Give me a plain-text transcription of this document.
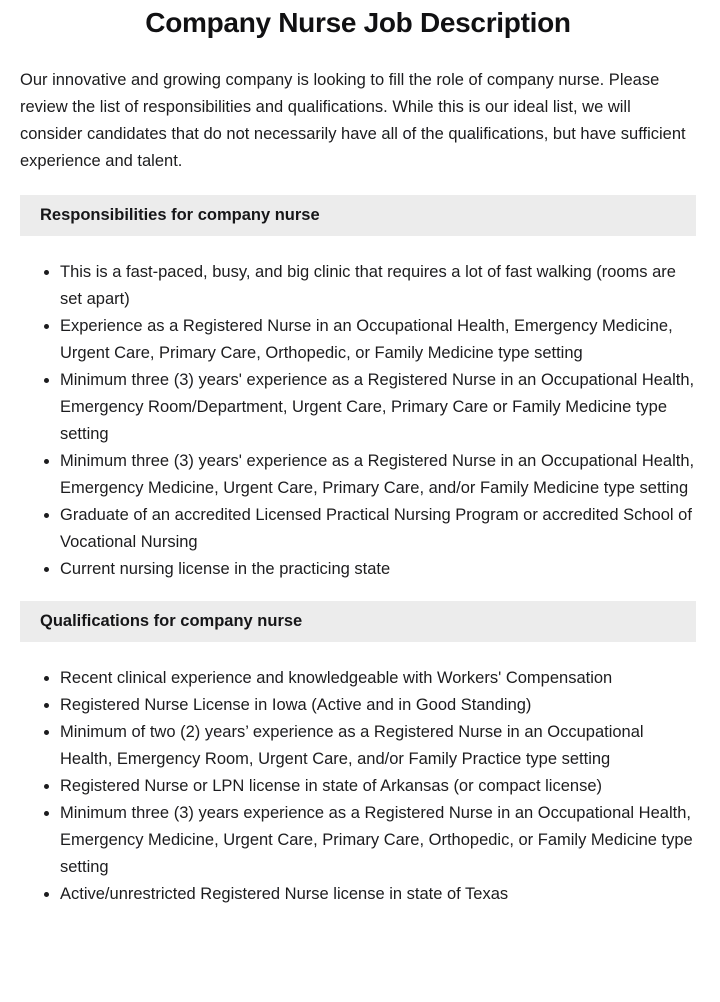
Company Nurse Job Description

Our innovative and growing company is looking to fill the role of company nurse. Please review the list of responsibilities and qualifications. While this is our ideal list, we will consider candidates that do not necessarily have all of the qualifications, but have sufficient experience and talent.

Responsibilities for company nurse
This is a fast-paced, busy, and big clinic that requires a lot of fast walking (rooms are set apart)
Experience as a Registered Nurse in an Occupational Health, Emergency Medicine, Urgent Care, Primary Care, Orthopedic, or Family Medicine type setting
Minimum three (3) years' experience as a Registered Nurse in an Occupational Health, Emergency Room/Department, Urgent Care, Primary Care or Family Medicine type setting
Minimum three (3) years' experience as a Registered Nurse in an Occupational Health, Emergency Medicine, Urgent Care, Primary Care, and/or Family Medicine type setting
Graduate of an accredited Licensed Practical Nursing Program or accredited School of Vocational Nursing
Current nursing license in the practicing state
Qualifications for company nurse
Recent clinical experience and knowledgeable with Workers' Compensation
Registered Nurse License in Iowa (Active and in Good Standing)
Minimum of two (2) years’ experience as a Registered Nurse in an Occupational Health, Emergency Room, Urgent Care, and/or Family Practice type setting
Registered Nurse or LPN license in state of Arkansas (or compact license)
Minimum three (3) years experience as a Registered Nurse in an Occupational Health, Emergency Medicine, Urgent Care, Primary Care, Orthopedic, or Family Medicine type setting
Active/unrestricted Registered Nurse license in state of Texas
